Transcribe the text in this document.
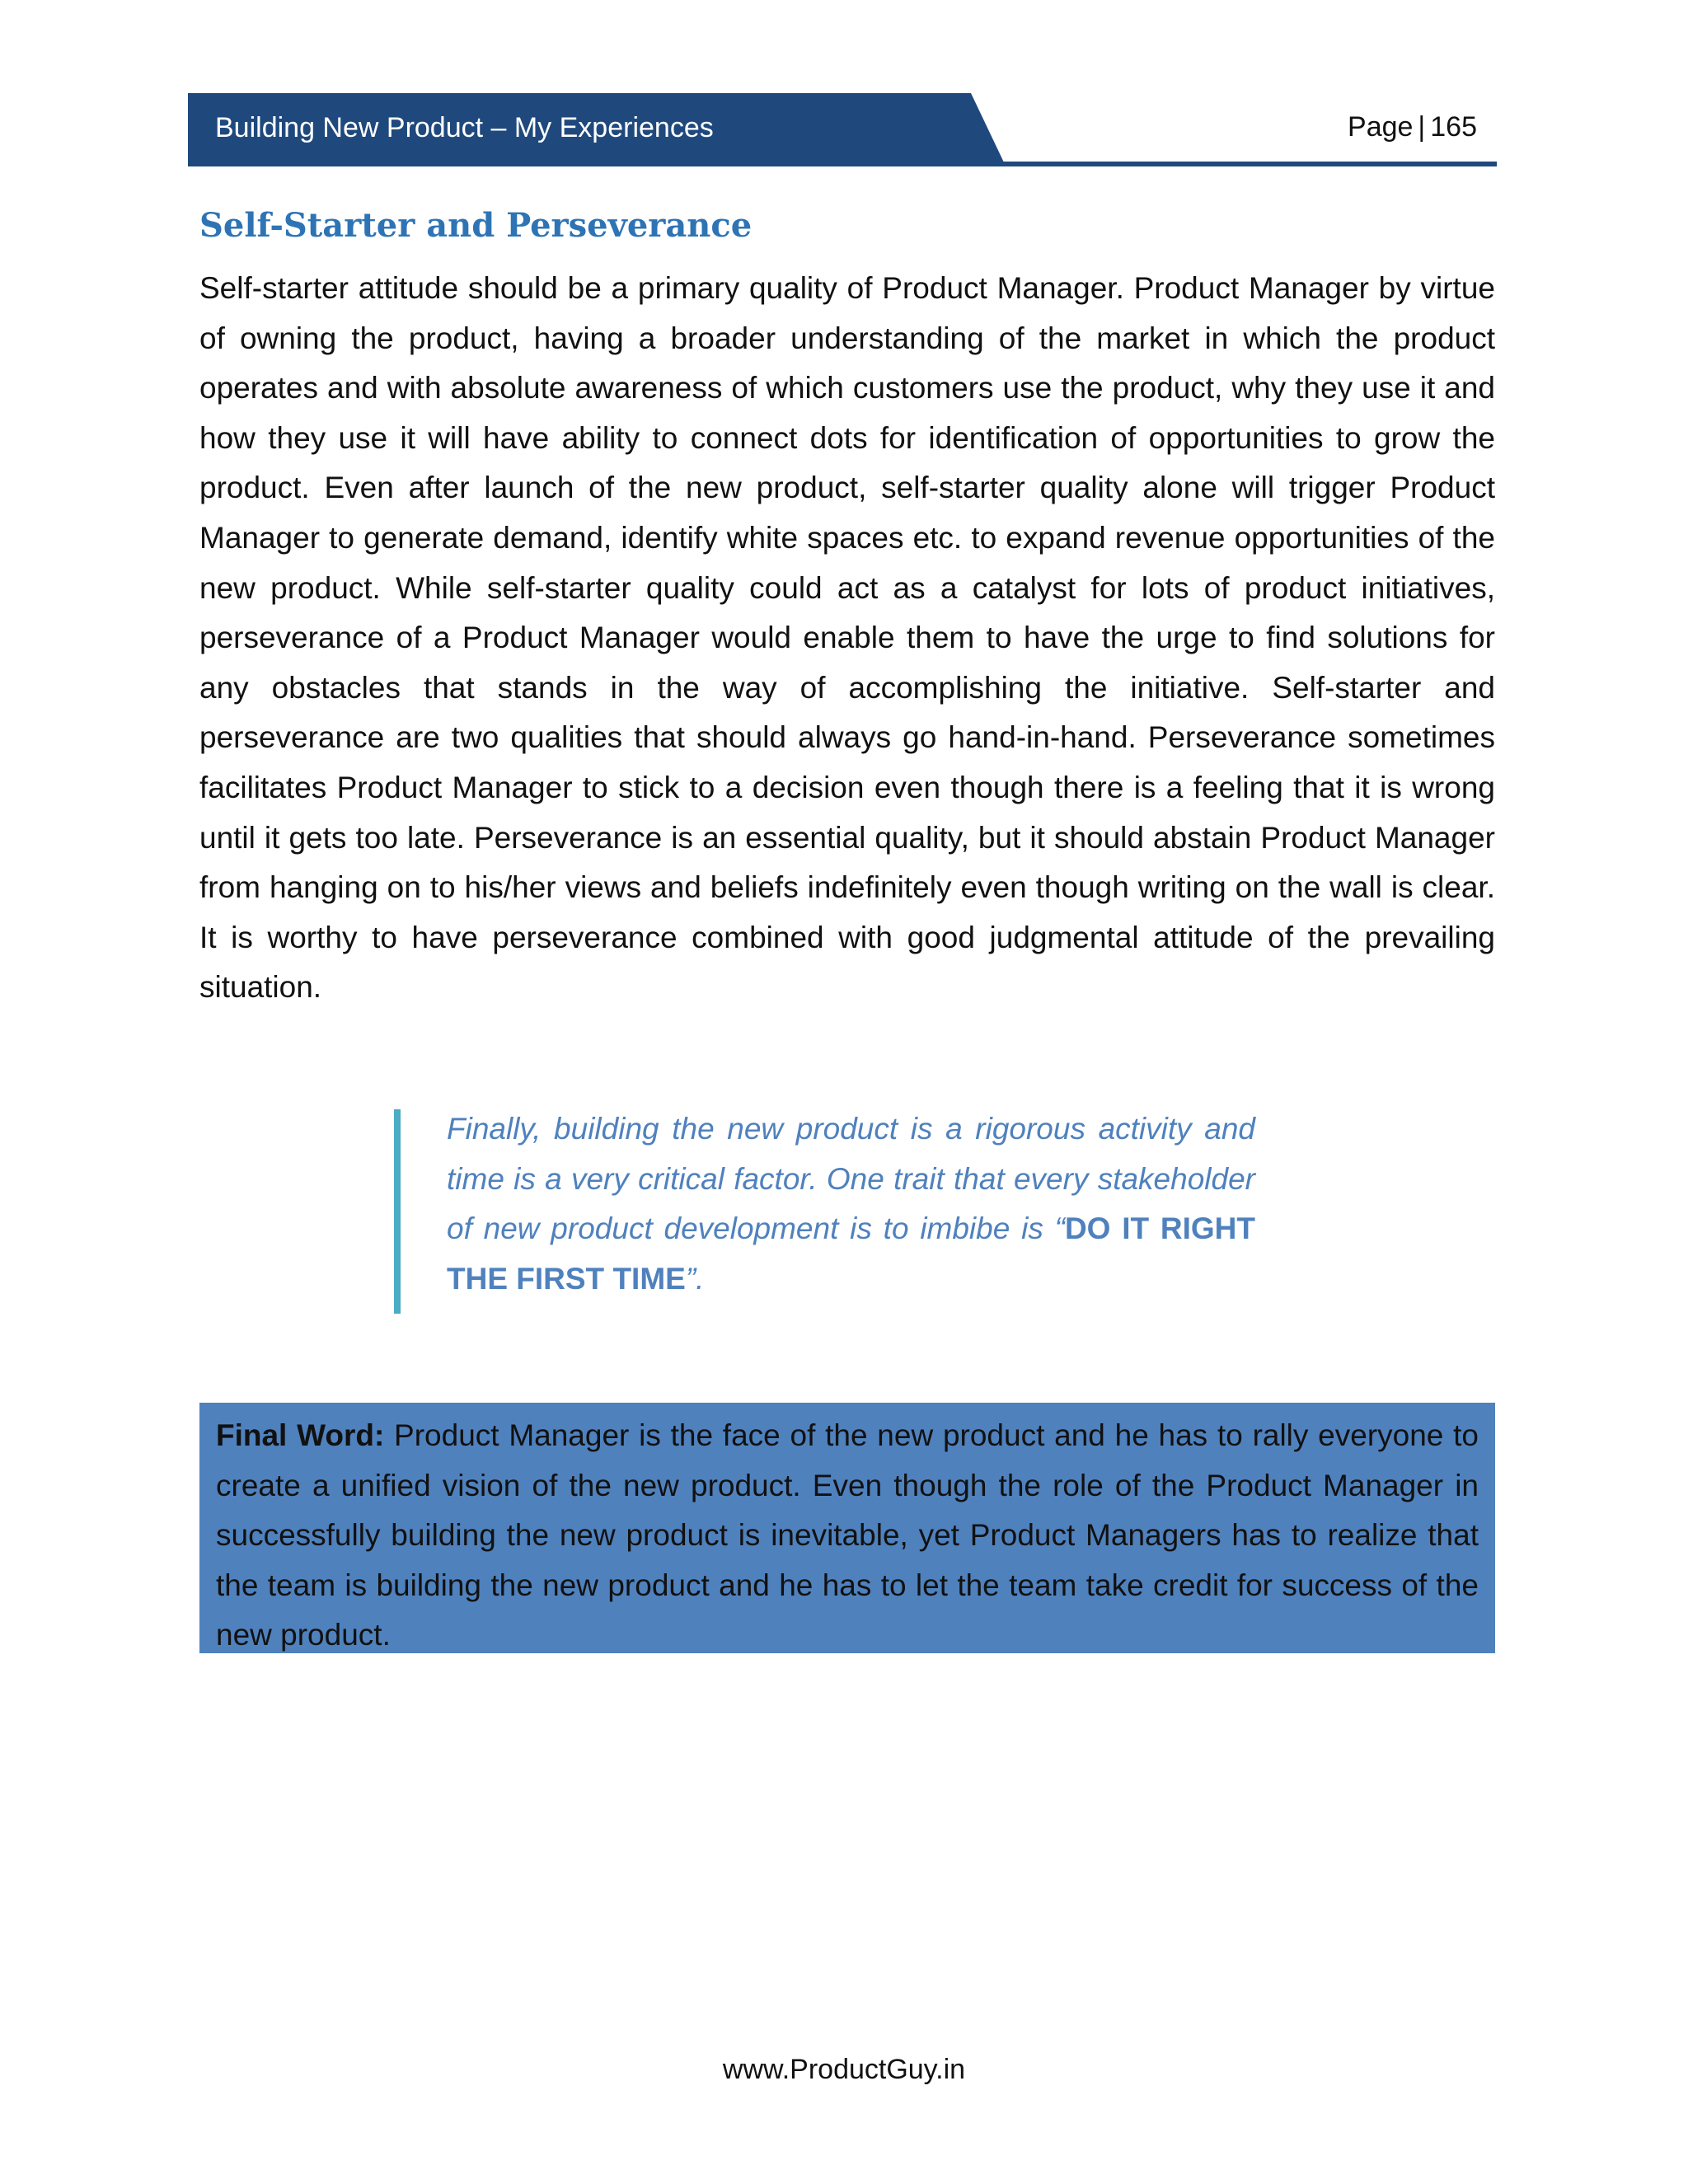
Building New Product – My Experiences	Page | 165
Self-Starter and Perseverance

Self-starter attitude should be a primary quality of Product Manager. Product Manager by virtue of owning the product, having a broader understanding of the market in which the product operates and with absolute awareness of which customers use the product, why they use it and how they use it will have ability to connect dots for identification of opportunities to grow the product. Even after launch of the new product, self-starter quality alone will trigger Product Manager to generate demand, identify white spaces etc. to expand revenue opportunities of the new product. While self-starter quality could act as a catalyst for lots of product initiatives, perseverance of a Product Manager would enable them to have the urge to find solutions for any obstacles that stands in the way of accomplishing the initiative. Self-starter and perseverance are two qualities that should always go hand-in-hand. Perseverance sometimes facilitates Product Manager to stick to a decision even though there is a feeling that it is wrong until it gets too late. Perseverance is an essential quality, but it should abstain Product Manager from hanging on to his/her views and beliefs indefinitely even though writing on the wall is clear. It is worthy to have perseverance combined with good judgmental attitude of the prevailing situation.

Finally, building the new product is a rigorous activity and time is a very critical factor. One trait that every stakeholder of new product development is to imbibe is “DO IT RIGHT THE FIRST TIME”.

Final Word: Product Manager is the face of the new product and he has to rally everyone to create a unified vision of the new product. Even though the role of the Product Manager in successfully building the new product is inevitable, yet Product Managers has to realize that the team is building the new product and he has to let the team take credit for success of the new product.

www.ProductGuy.in
